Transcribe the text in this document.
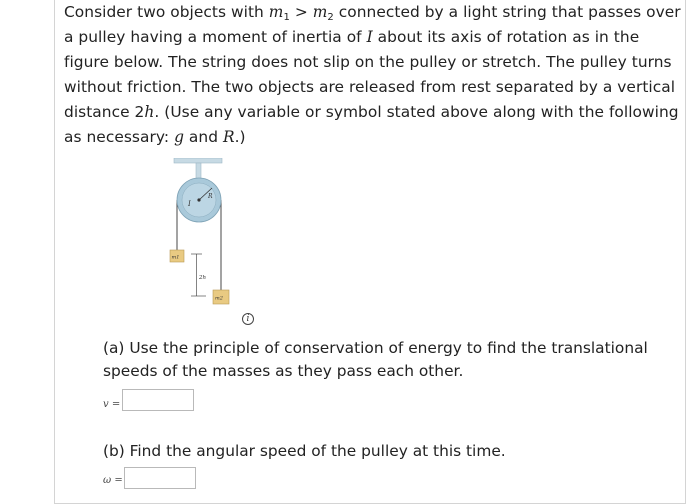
Consider two objects with $m_1 > m_2$ connected by a light string that passes over a pulley having a moment of inertia of I about its axis of rotation as in the figure below. The string does not slip on the pulley or stretch. The pulley turns without friction. The two objects are released from rest separated by a vertical distance 2h. (Use any variable or symbol stated above along with the following as necessary: g and R.)
I
R
m1
2h
m2
i
(a) Use the principle of conservation of energy to find the translational speeds of the masses as they pass each other.
v =
(b) Find the angular speed of the pulley at this time.
ω =
